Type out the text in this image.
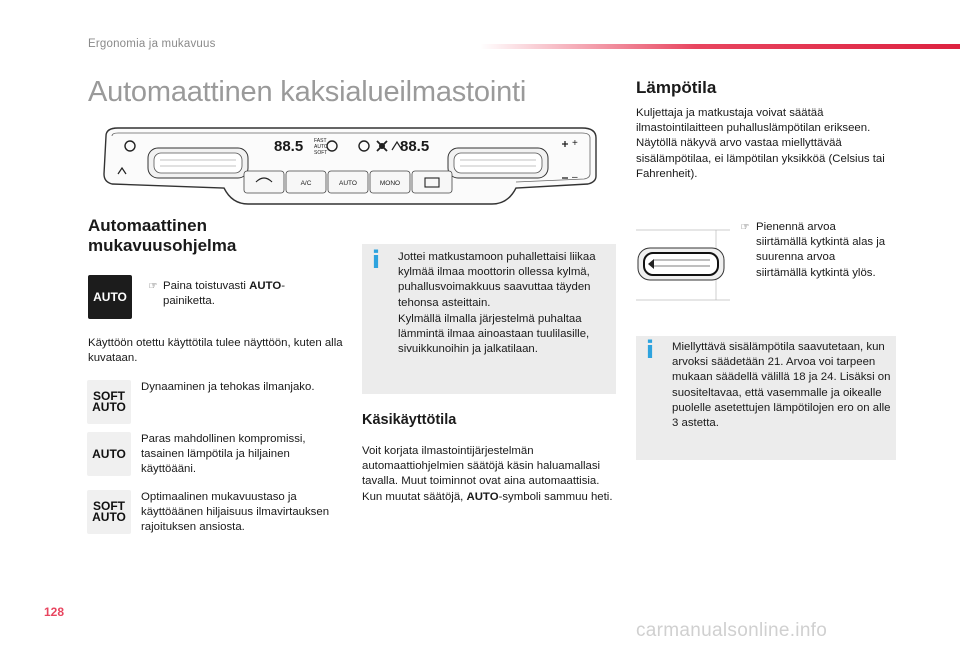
Ergonomia ja mukavuus
Automaattinen kaksialueilmastointi
88.5 FAST
AUTO
SOFT	88.5
A/C	AUTO	MONO
+
–
Automaattinen
mukavuusohjelma
AUTO
☞ Paina toistuvasti AUTO-painiketta.
Käyttöön otettu käyttötila tulee näyttöön, kuten alla kuvataan.
SOFT
AUTO
Dynaaminen ja tehokas ilmanjako.
AUTO
Paras mahdollinen kompromissi, tasainen lämpötila ja hiljainen käyttöääni.
SOFT
AUTO
Optimaalinen mukavuustaso ja käyttöäänen hiljaisuus ilmavirtauksen rajoituksen ansiosta.
i	Jottei matkustamoon puhallettaisi liikaa kylmää ilmaa moottorin ollessa kylmä, puhallusvoimakkuus saavuttaa täyden tehonsa asteittain.
Kylmällä ilmalla järjestelmä puhaltaa lämmintä ilmaa ainoastaan tuulilasille, sivuikkunoihin ja jalkatilaan.
Käsikäyttötila
Voit korjata ilmastointijärjestelmän automaattiohjelmien säätöjä käsin haluamallasi tavalla. Muut toiminnot ovat aina automaattisia. Kun muutat säätöjä, AUTO-symboli sammuu heti.
Lämpötila
Kuljettaja ja matkustaja voivat säätää ilmastointilaitteen puhalluslämpötilan erikseen. Näytöllä näkyvä arvo vastaa miellyttävää sisälämpötilaa, ei lämpötilan yksikköä (Celsius tai Fahrenheit).
☞ Pienennä arvoa siirtämällä kytkintä alas ja suurenna arvoa siirtämällä kytkintä ylös.
i	Miellyttävä sisälämpötila saavutetaan, kun arvoksi säädetään 21. Arvoa voi tarpeen mukaan säädellä välillä 18 ja 24. Lisäksi on suositeltavaa, että vasemmalle ja oikealle puolelle asetettujen lämpötilojen ero on alle 3 astetta.
128
carmanualsonline.info
